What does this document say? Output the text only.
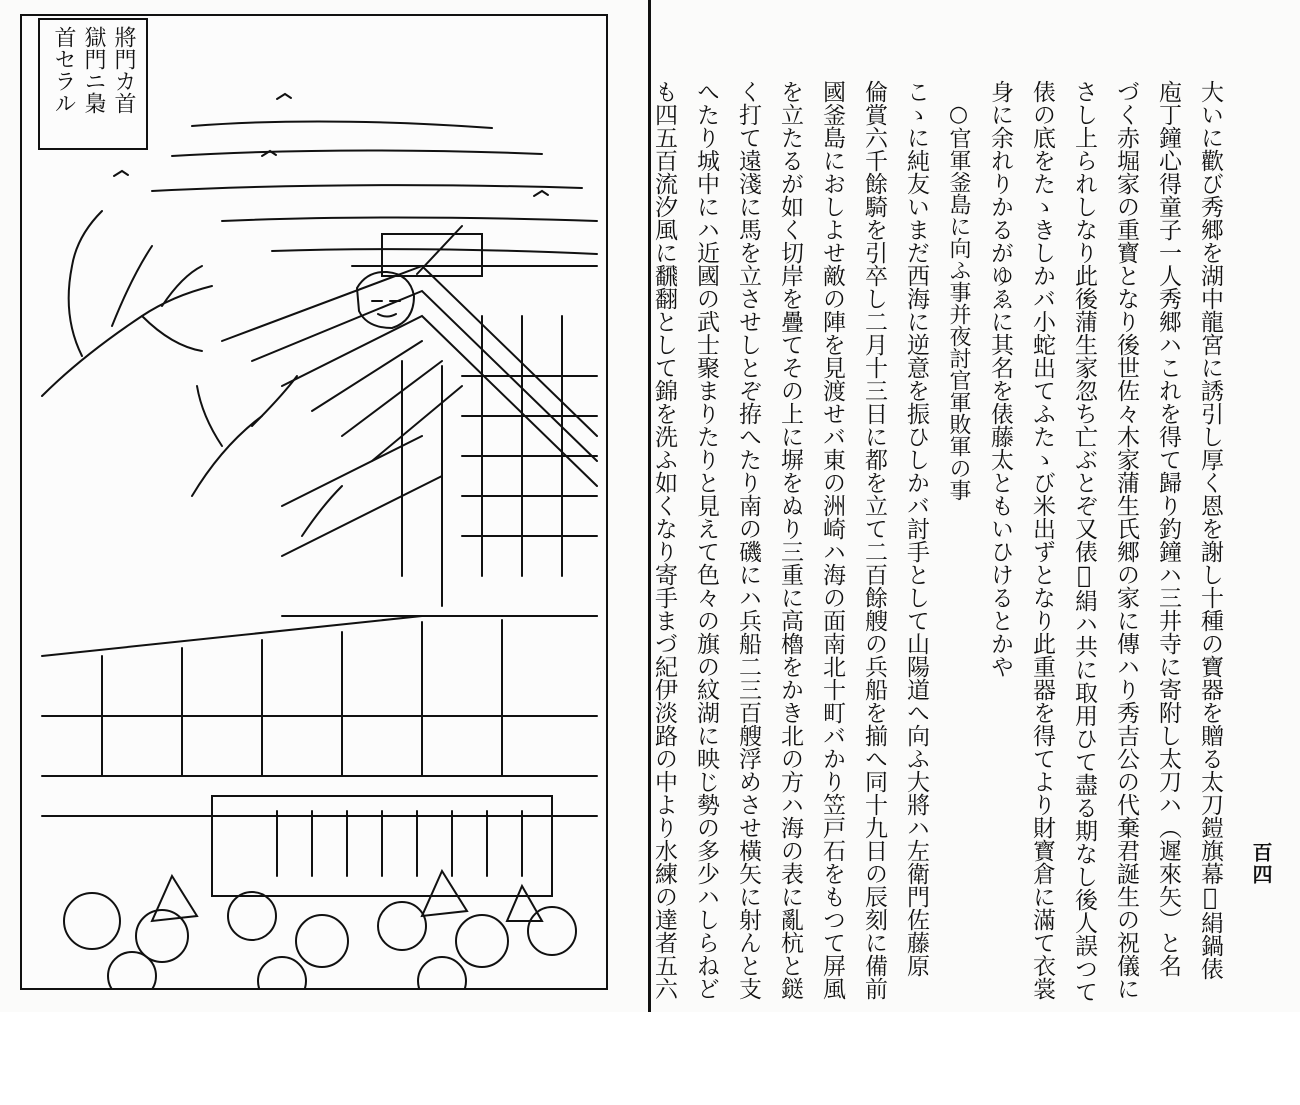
將門カ首
獄門ニ梟
首セラル
百四
大いに歡び秀郷を湖中龍宮に誘引し厚く恩を謝し十種の寶器を贈る太刀鎧旗幕𩀱絹鍋俵
庖丁鐘心得童子一人秀郷ハこれを得て歸り釣鐘ハ三井寺に寄附し太刀ハ（遲來矢）と名
づく赤堀家の重寳となり後世佐々木家蒲生氏郷の家に傳ハり秀吉公の代棄君誕生の祝儀に
さし上られしなり此後蒲生家忽ち亡ぶとぞ又俵𩀱絹ハ共に取用ひて盡る期なし後人誤つて
俵の底をたゝきしかバ小蛇出てふたゝび米出ずとなり此重器を得てより財寳倉に滿て衣裳
身に余れりかるがゆゑに其名を俵藤太ともいひけるとかや
○官軍釜島に向ふ事并夜討官軍敗軍の事
こゝに純友いまだ西海に逆意を振ひしかバ討手として山陽道へ向ふ大將ハ左衛門佐藤原
倫賞六千餘騎を引卒し二月十三日に都を立て二百餘艘の兵船を揃へ同十九日の辰刻に備前
國釜島におしよせ敵の陣を見渡せバ東の洲崎ハ海の面南北十町バかり笠戸石をもつて屏風
を立たるが如く切岸を疊てその上に塀をぬり三重に高櫓をかき北の方ハ海の表に亂杭と鎹
く打て遠淺に馬を立させしとぞ拵へたり南の磯にハ兵船二三百艘浮めさせ橫矢に射んと支
へたり城中にハ近國の武士聚まりたりと見えて色々の旗の紋湖に映じ勢の多少ハしらねど
も四五百流汐風に飜翻として錦を洗ふ如くなり寄手まづ紀伊淡路の中より水練の達者五六
